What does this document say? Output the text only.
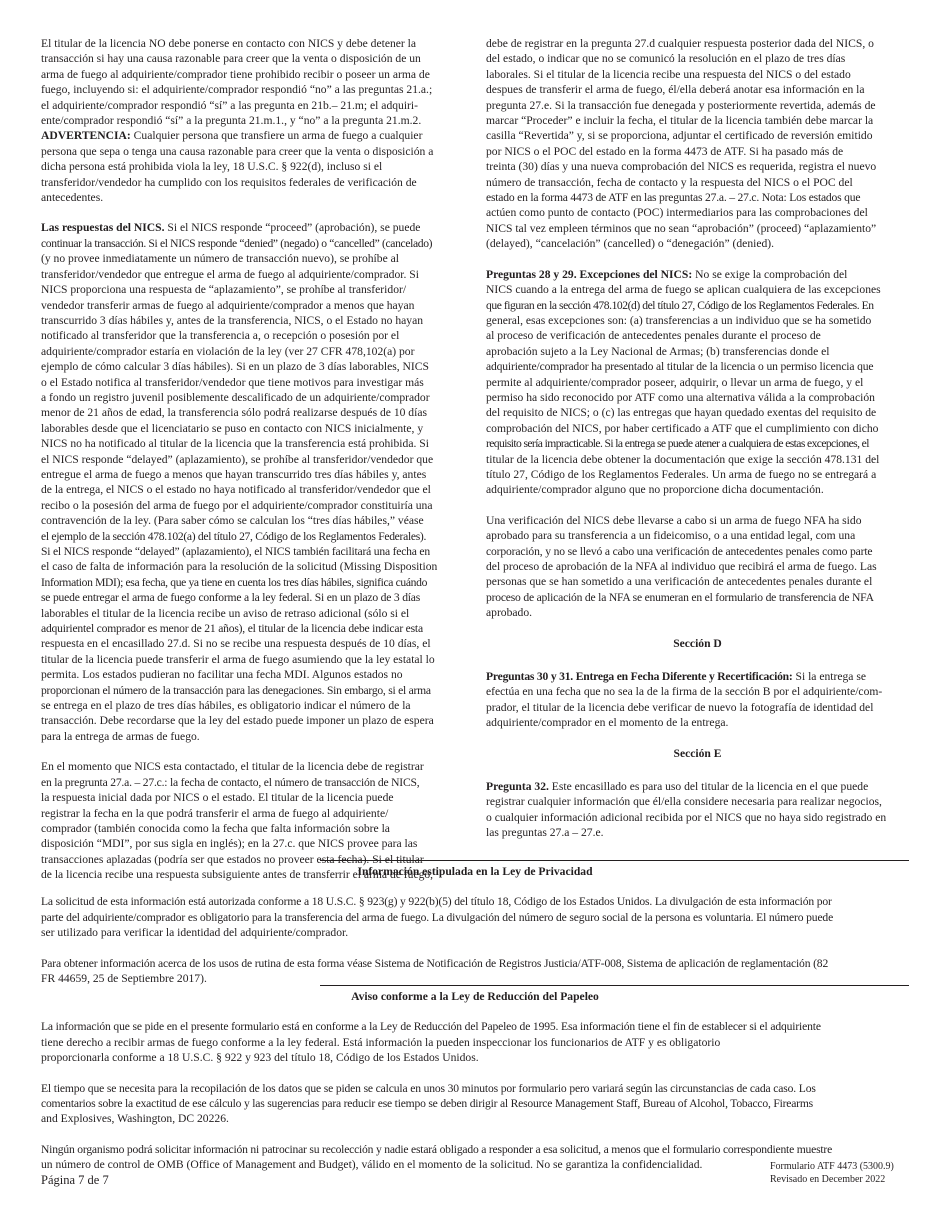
El titular de la licencia NO debe ponerse en contacto con NICS y debe detener la
transacción si hay una causa razonable para creer que la venta o disposición de un
arma de fuego al adquiriente/comprador tiene prohibido recibir o poseer un arma de
fuego, incluyendo si: el adquiriente/comprador respondió “no” a las preguntas 21.a.;
el adquiriente/comprador respondió “sí” a las pregunta en 21b.– 21.m; el adquiri-
ente/comprador respondió “sí” a la pregunta 21.m.1., y “no” a la pregunta 21.m.2.
ADVERTENCIA: Cualquier persona que transfiere un arma de fuego a cualquier
persona que sepa o tenga una causa razonable para creer que la venta o disposición a
dicha persona está prohibida viola la ley, 18 U.S.C. § 922(d), incluso si el
transferidor/vendedor ha cumplido con los requisitos federales de verificación de
antecedentes.

Las respuestas del NICS. Si el NICS responde “proceed” (aprobación), se puede
continuar la transacción. Si el NICS responde “denied” (negado) o “cancelled” (cancelado)
(y no provee inmediatamente un número de transacción nuevo), se prohíbe al
transferidor/vendedor que entregue el arma de fuego al adquiriente/comprador. Si
NICS proporciona una respuesta de “aplazamiento”, se prohíbe al transferidor/
vendedor transferir armas de fuego al adquiriente/comprador a menos que hayan
transcurrido 3 días hábiles y, antes de la transferencia, NICS, o el Estado no hayan
notificado al transferidor que la transferencia a, o recepción o posesión por el
adquiriente/comprador estaría en violación de la ley (ver 27 CFR 478,102(a) por
ejemplo de cómo calcular 3 días hábiles). Si en un plazo de 3 días laborables, NICS
o el Estado notifica al transferidor/vendedor que tiene motivos para investigar más
a fondo un registro juvenil posiblemente descalificado de un adquiriente/comprador
menor de 21 años de edad, la transferencia sólo podrá realizarse después de 10 días
laborables desde que el licenciatario se puso en contacto con NICS inicialmente, y
NICS no ha notificado al titular de la licencia que la transferencia está prohibida. Si
el NICS responde “delayed” (aplazamiento), se prohíbe al transferidor/vendedor que
entregue el arma de fuego a menos que hayan transcurrido tres días hábiles y, antes
de la entrega, el NICS o el estado no haya notificado al transferidor/vendedor que el
recibo o la posesión del arma de fuego por el adquiriente/comprador constituiría una
contravención de la ley. (Para saber cómo se calculan los “tres días hábiles,” véase
el ejemplo de la sección 478.102(a) del título 27, Código de los Reglamentos Federales).
Si el NICS responde “delayed” (aplazamiento), el NICS también facilitará una fecha en
el caso de falta de información para la resolución de la solicitud (Missing Disposition
Information MDI); esa fecha, que ya tiene en cuenta los tres días hábiles, significa cuándo
se puede entregar el arma de fuego conforme a la ley federal. Si en un plazo de 3 días
laborables el titular de la licencia recibe un aviso de retraso adicional (sólo si el
adquirientel comprador es menor de 21 años), el titular de la licencia debe indicar esta
respuesta en el encasillado 27.d. Si no se recibe una respuesta después de 10 días, el
titular de la licencia puede transferir el arma de fuego asumiendo que la ley estatal lo
permita. Los estados pudieran no facilitar una fecha MDI. Algunos estados no
proporcionan el número de la transacción para las denegaciones. Sin embargo, si el arma
se entrega en el plazo de tres días hábiles, es obligatorio indicar el número de la
transacción. Debe recordarse que la ley del estado puede imponer un plazo de espera
para la entrega de armas de fuego.

En el momento que NICS esta contactado, el titular de la licencia debe de registrar
en la pregrunta 27.a. – 27.c.: la fecha de contacto, el número de transacción de NICS,
la respuesta inicial dada por NICS o el estado. El titular de la licencia puede
registrar la fecha en la que podrá transferir el arma de fuego al adquiriente/
comprador (también conocida como la fecha que falta información sobre la
disposición “MDI”, por sus sigla en inglés); en la 27.c. que NICS provee para las
transacciones aplazadas (podría ser que estados no proveer esta fecha). Si el titular
de la licencia recibe una respuesta subsiguiente antes de transferrir el arma de fuego,

debe de registrar en la pregunta 27.d cualquier respuesta posterior dada del NICS, o
del estado, o indicar que no se comunicó la resolución en el plazo de tres días
laborales. Si el titular de la licencia recibe una respuesta del NICS o del estado
despues de transferir el arma de fuego, él/ella deberá anotar esa información en la
pregunta 27.e. Si la transacción fue denegada y posteriormente revertida, además de
marcar “Proceder” e incluir la fecha, el titular de la licencia también debe marcar la
casilla “Revertida” y, si se proporciona, adjuntar el certificado de reversión emitido
por NICS o el POC del estado en la forma 4473 de ATF. Si ha pasado más de
treinta (30) días y una nueva comprobación del NICS es requerida, registra el nuevo
número de transacción, fecha de contacto y la respuesta del NICS o el POC del
estado en la forma 4473 de ATF en las preguntas 27.a. – 27.c. Nota: Los estados que
actúen como punto de contacto (POC) intermediarios para las comprobaciones del
NICS tal vez empleen términos que no sean “aprobación” (proceed) “aplazamiento”
(delayed), “cancelación” (cancelled) o “denegación” (denied).

Preguntas 28 y 29. Excepciones del NICS: No se exige la comprobación del
NICS cuando a la entrega del arma de fuego se aplican cualquiera de las excepciones
que figuran en la sección 478.102(d) del título 27, Código de los Reglamentos Federales. En
general, esas excepciones son: (a) transferencias a un individuo que se ha sometido
al proceso de verificación de antecedentes penales durante el proceso de
aprobación sujeto a la Ley Nacional de Armas; (b) transferencias donde el
adquiriente/comprador ha presentado al titular de la licencia o un permiso licencia que
permite al adquiriente/comprador poseer, adquirir, o llevar un arma de fuego, y el
permiso ha sido reconocido por ATF como una alternativa válida a la comprobación
del requisito de NICS; o (c) las entregas que hayan quedado exentas del requisito de
comprobación del NICS, por haber certificado a ATF que el cumplimiento con dicho
requisito sería impracticable. Si la entrega se puede atener a cualquiera de estas excepciones, el
titular de la licencia debe obtener la documentación que exige la sección 478.131 del
título 27, Código de los Reglamentos Federales. Un arma de fuego no se entregará a
adquiriente/comprador alguno que no proporcione dicha documentación.

Una verificación del NICS debe llevarse a cabo si un arma de fuego NFA ha sido
aprobado para su transferencia a un fideicomiso, o a una entidad legal, com una
corporación, y no se llevó a cabo una verificación de antecedentes penales como parte
del proceso de aprobación de la NFA al individuo que recibirá el arma de fuego. Las
personas que se han sometido a una verificación de antecedentes penales durante el
proceso de aplicación de la NFA se enumeran en el formulario de transferencia de NFA
aprobado.

Sección D

Preguntas 30 y 31. Entrega en Fecha Diferente y Recertificación: Si la entrega se
efectúa en una fecha que no sea la de la firma de la sección B por el adquiriente/com-
prador, el titular de la licencia debe verificar de nuevo la fotografía de identidad del
adquiriente/comprador en el momento de la entrega.

Sección E

Pregunta 32. Este encasillado es para uso del titular de la licencia en el que puede
registrar cualquier información que él/ella considere necesaria para realizar negocios,
o cualquier información adicional recibida por el NICS que no haya sido registrado en
las preguntas 27.a – 27.e.

Información estipulada en la Ley de Privacidad

La solicitud de esta información está autorizada conforme a 18 U.S.C. § 923(g) y 922(b)(5) del título 18, Código de los Estados Unidos. La divulgación de esta información por
parte del adquiriente/comprador es obligatorio para la transferencia del arma de fuego. La divulgación del número de seguro social de la persona es voluntaria. El número puede
ser utilizado para verificar la identidad del adquiriente/comprador.

Para obtener información acerca de los usos de rutina de esta forma véase Sistema de Notificación de Registros Justicia/ATF-008, Sistema de aplicación de reglamentación (82
FR 44659, 25 de Septiembre 2017).

Aviso conforme a la Ley de Reducción del Papeleo

La información que se pide en el presente formulario está en conforme a la Ley de Reducción del Papeleo de 1995. Esa información tiene el fin de establecer si el adquiriente
tiene derecho a recibir armas de fuego conforme a la ley federal. Está información la pueden inspeccionar los funcionarios de ATF y es obligatorio
proporcionarla conforme a 18 U.S.C. § 922 y 923 del título 18, Código de los Estados Unidos.

El tiempo que se necesita para la recopilación de los datos que se piden se calcula en unos 30 minutos por formulario pero variará según las circunstancias de cada caso. Los
comentarios sobre la exactitud de ese cálculo y las sugerencias para reducir ese tiempo se deben dirigir al Resource Management Staff, Bureau of Alcohol, Tobacco, Firearms
and Explosives, Washington, DC 20226.

Ningún organismo podrá solicitar información ni patrocinar su recolección y nadie estará obligado a responder a esa solicitud, a menos que el formulario correspondiente muestre
un número de control de OMB (Office of Management and Budget), válido en el momento de la solicitud. No se garantiza la confidencialidad.

Página 7 de 7
Formulario ATF 4473 (5300.9)
Revisado en December 2022
